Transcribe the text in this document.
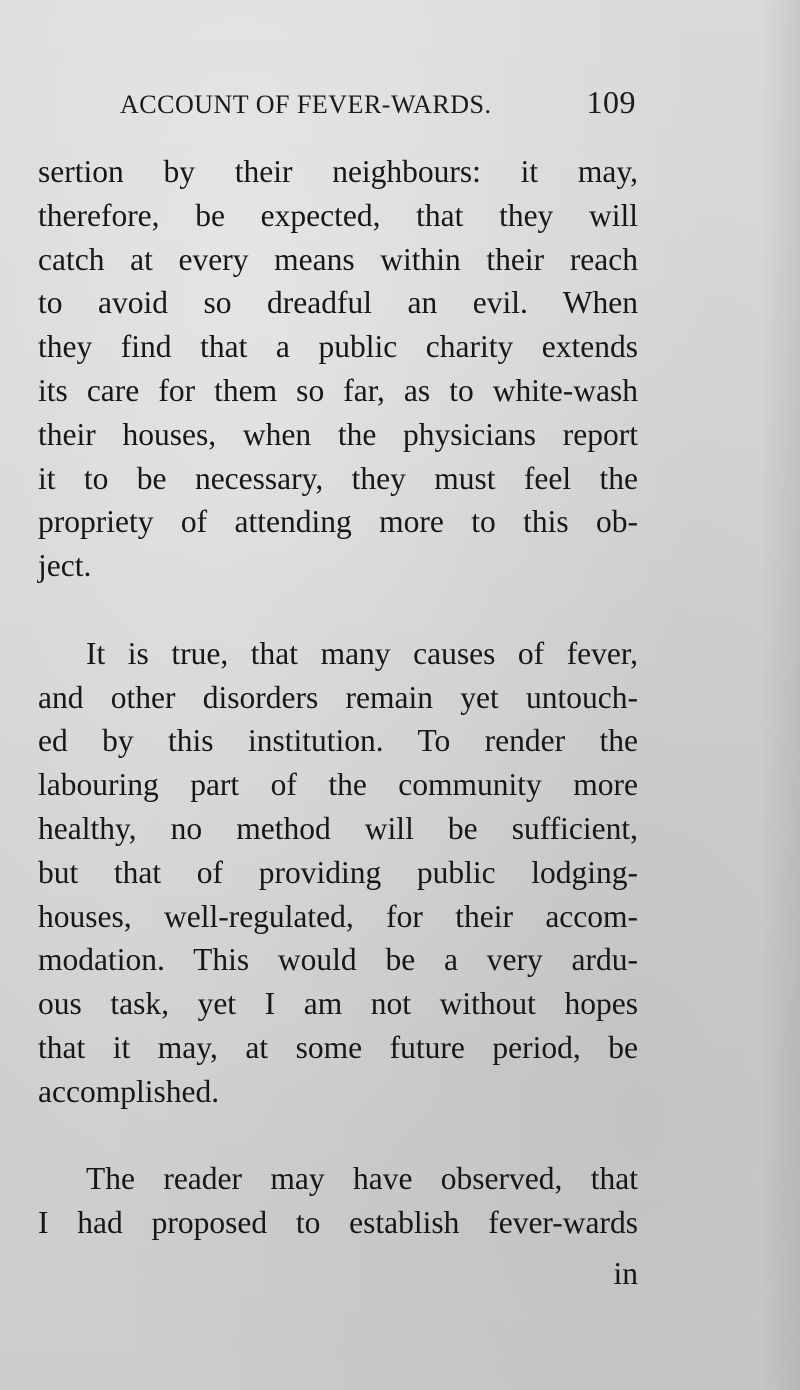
ACCOUNT OF FEVER-WARDS.	109
sertion by their neighbours: it may,
therefore, be expected, that they will
catch at every means within their reach
to avoid so dreadful an evil. When
they find that a public charity extends
its care for them so far, as to white-wash
their houses, when the physicians report
it to be necessary, they must feel the
propriety of attending more to this ob-
ject.
It is true, that many causes of fever,
and other disorders remain yet untouch-
ed by this institution. To render the
labouring part of the community more
healthy, no method will be sufficient,
but that of providing public lodging-
houses, well-regulated, for their accom-
modation. This would be a very ardu-
ous task, yet I am not without hopes
that it may, at some future period, be
accomplished.
The reader may have observed, that
I had proposed to establish fever-wards
in
